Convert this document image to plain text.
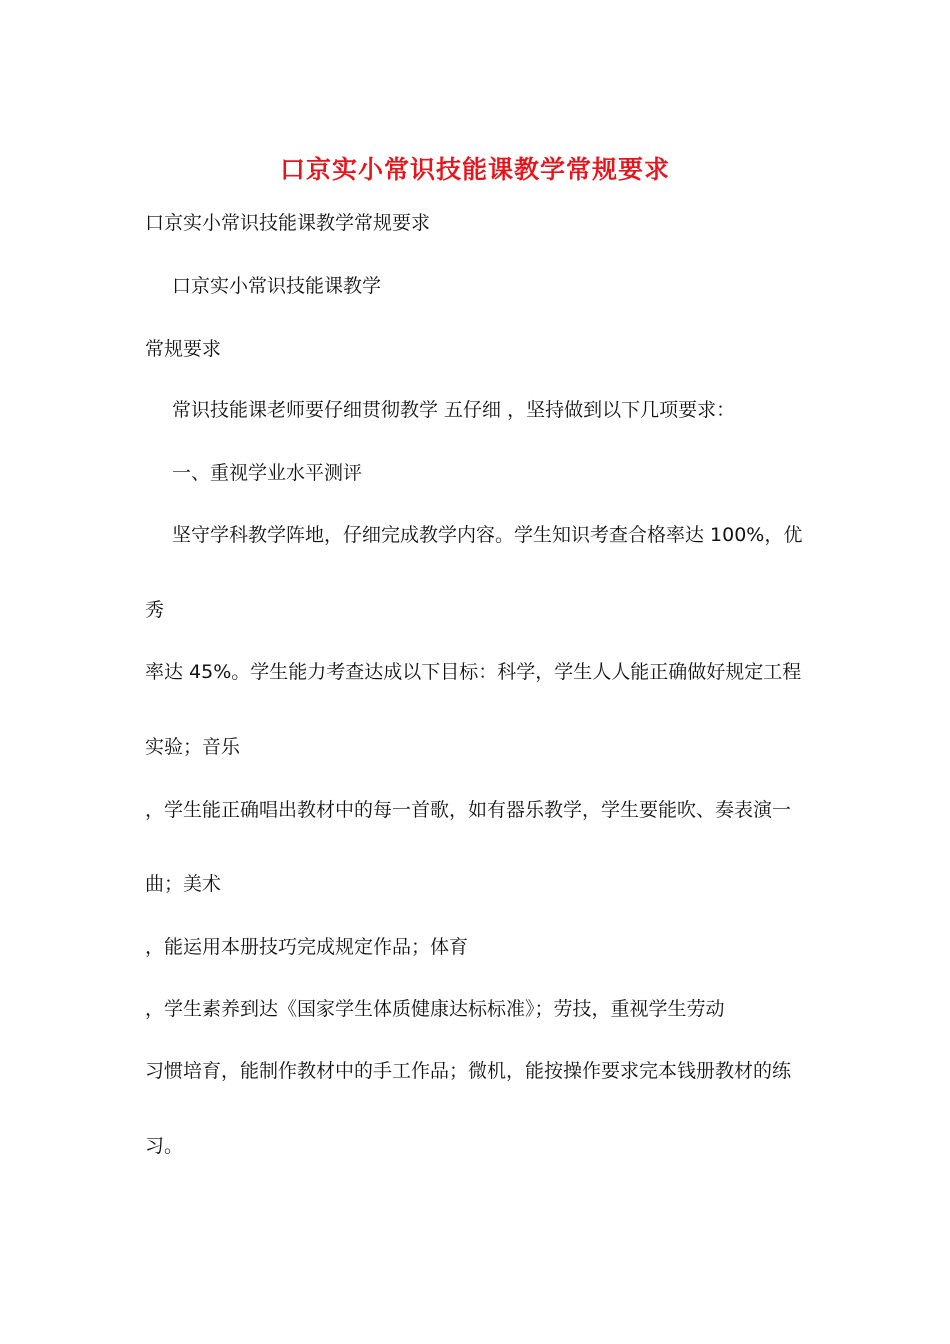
口京实小常识技能课教学常规要求
口京实小常识技能课教学常规要求
口京实小常识技能课教学
常规要求
常识技能课老师要仔细贯彻教学 五仔细 ，坚持做到以下几项要求：
一、重视学业水平测评
坚守学科教学阵地，仔细完成教学内容。学生知识考查合格率达 100%，优
秀
率达 45%。学生能力考查达成以下目标：科学，学生人人能正确做好规定工程
实验；音乐
，学生能正确唱出教材中的每一首歌，如有器乐教学，学生要能吹、奏表演一
曲；美术
，能运用本册技巧完成规定作品；体育
，学生素养到达《国家学生体质健康达标标准》；劳技，重视学生劳动
习惯培育，能制作教材中的手工作品；微机，能按操作要求完本钱册教材的练
习。
